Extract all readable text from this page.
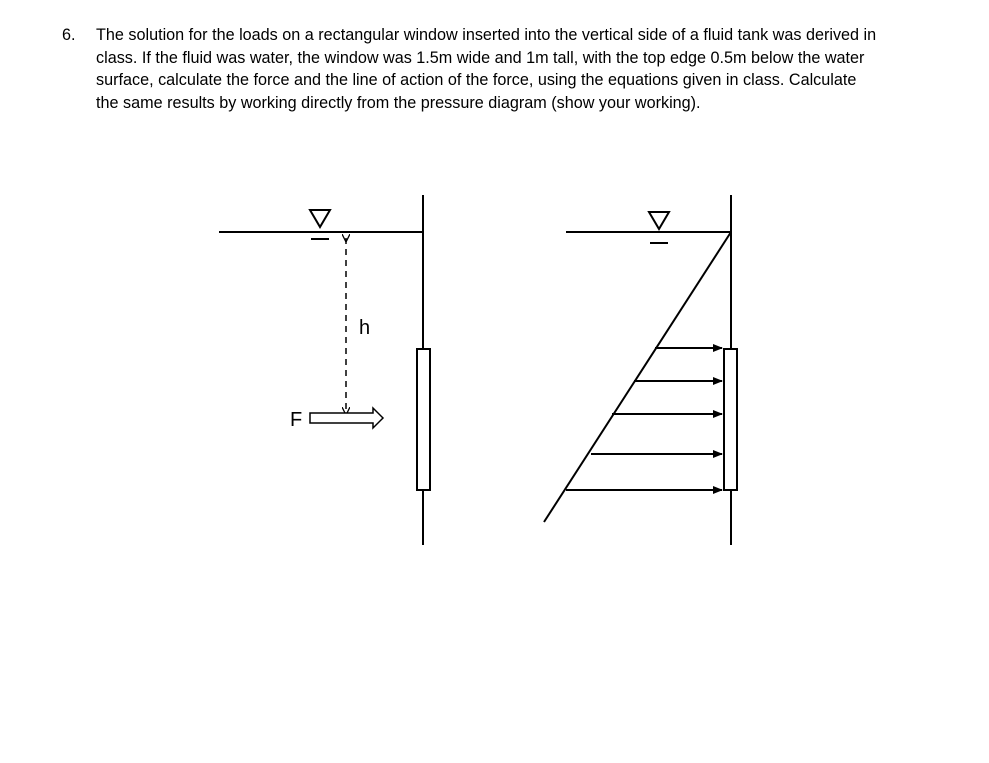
6.	The solution for the loads on a rectangular window inserted into the vertical side of a fluid tank was derived in class. If the fluid was water, the window was 1.5m wide and 1m tall, with the top edge 0.5m below the water surface, calculate the force and the line of action of the force, using the equations given in class. Calculate the same results by working directly from the pressure diagram (show your working).
h
F
